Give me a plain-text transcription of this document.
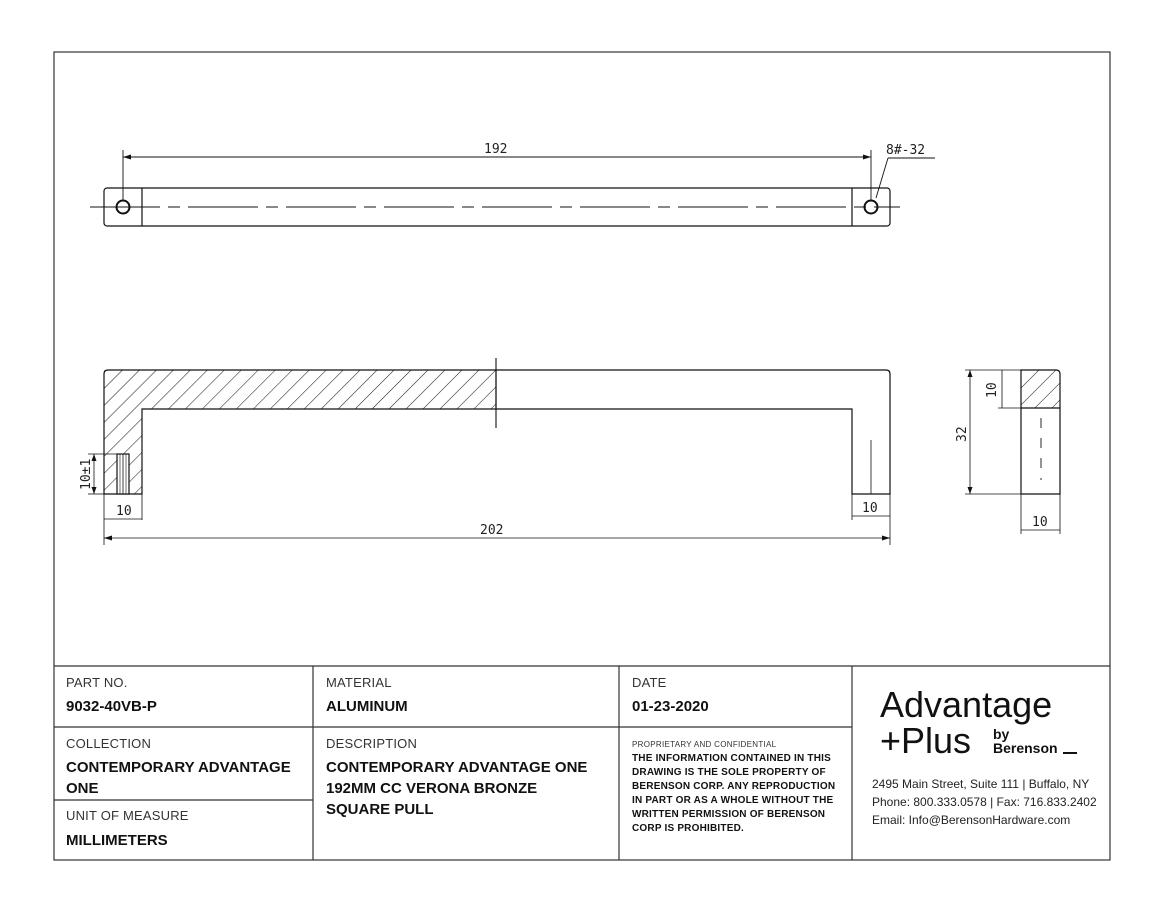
192	8#-32
10±1
10	10
202
32
10
10
PART NO.
9032-40VB-P
MATERIAL
ALUMINUM
DATE
01-23-2020
COLLECTION
CONTEMPORARY ADVANTAGE ONE
DESCRIPTION
CONTEMPORARY ADVANTAGE ONE 192MM CC VERONA BRONZE SQUARE PULL
PROPRIETARY AND CONFIDENTIAL
THE INFORMATION CONTAINED IN THIS DRAWING IS THE SOLE PROPERTY OF BERENSON CORP. ANY REPRODUCTION IN PART OR AS A WHOLE WITHOUT THE WRITTEN PERMISSION OF BERENSON CORP IS PROHIBITED.
UNIT OF MEASURE
MILLIMETERS
Advantage
+Plus by
Berenson
2495 Main Street, Suite 111 | Buffalo, NY
Phone: 800.333.0578 | Fax: 716.833.2402
Email: Info@BerensonHardware.com
